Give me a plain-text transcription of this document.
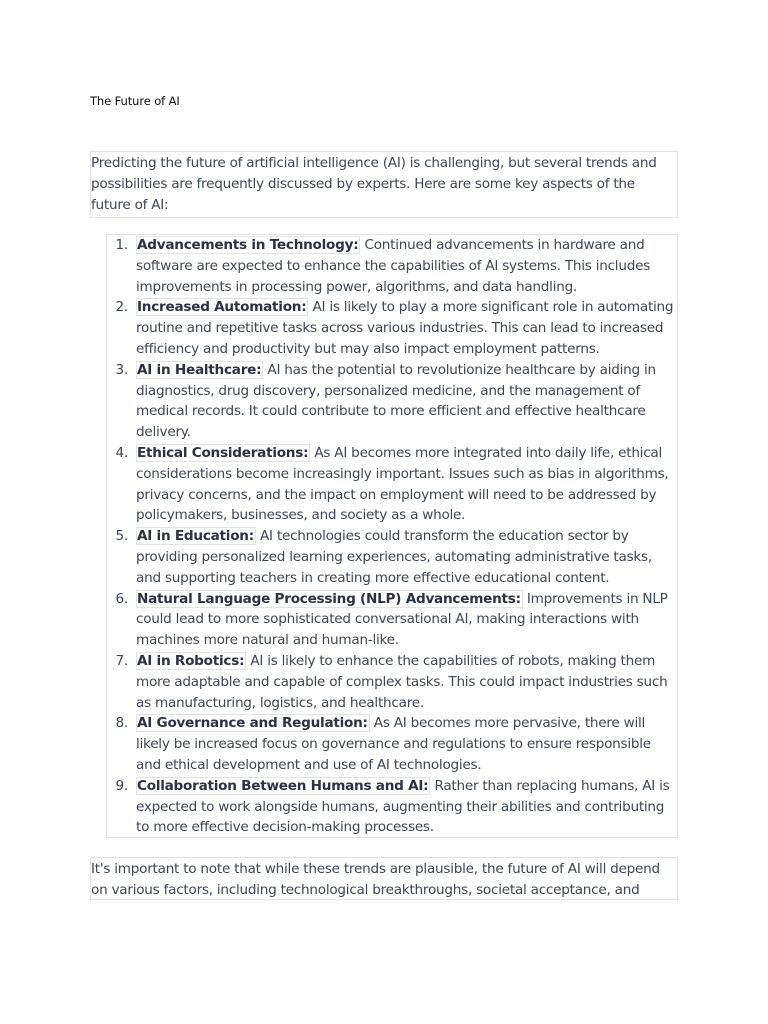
The Future of AI
Predicting the future of artificial intelligence (AI) is challenging, but several trends and possibilities are frequently discussed by experts. Here are some key aspects of the future of AI:
1. Advancements in Technology: Continued advancements in hardware and software are expected to enhance the capabilities of AI systems. This includes improvements in processing power, algorithms, and data handling.
2. Increased Automation: AI is likely to play a more significant role in automating routine and repetitive tasks across various industries. This can lead to increased efficiency and productivity but may also impact employment patterns.
3. AI in Healthcare: AI has the potential to revolutionize healthcare by aiding in diagnostics, drug discovery, personalized medicine, and the management of medical records. It could contribute to more efficient and effective healthcare delivery.
4. Ethical Considerations: As AI becomes more integrated into daily life, ethical considerations become increasingly important. Issues such as bias in algorithms, privacy concerns, and the impact on employment will need to be addressed by policymakers, businesses, and society as a whole.
5. AI in Education: AI technologies could transform the education sector by providing personalized learning experiences, automating administrative tasks, and supporting teachers in creating more effective educational content.
6. Natural Language Processing (NLP) Advancements: Improvements in NLP could lead to more sophisticated conversational AI, making interactions with machines more natural and human-like.
7. AI in Robotics: AI is likely to enhance the capabilities of robots, making them more adaptable and capable of complex tasks. This could impact industries such as manufacturing, logistics, and healthcare.
8. AI Governance and Regulation: As AI becomes more pervasive, there will likely be increased focus on governance and regulations to ensure responsible and ethical development and use of AI technologies.
9. Collaboration Between Humans and AI: Rather than replacing humans, AI is expected to work alongside humans, augmenting their abilities and contributing to more effective decision-making processes.
It's important to note that while these trends are plausible, the future of AI will depend on various factors, including technological breakthroughs, societal acceptance, and
